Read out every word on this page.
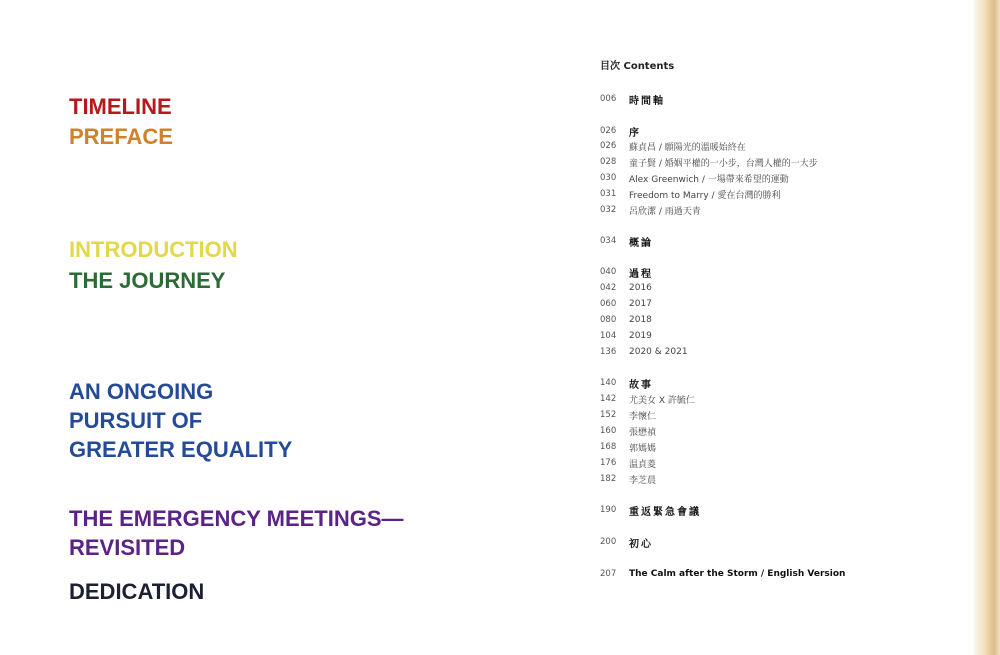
TIMELINE
PREFACE
INTRODUCTION
THE JOURNEY
AN ONGOING
PURSUIT OF
GREATER EQUALITY
THE EMERGENCY MEETINGS—
REVISITED
DEDICATION
目次 Contents
006	時間軸
026	序
026	蘇貞昌 / 願陽光的溫暖始終在
028	童子賢 / 婚姻平權的一小步，台灣人權的一大步
030	Alex Greenwich / 一場帶來希望的運動
031	Freedom to Marry / 愛在台灣的勝利
032	呂欣潔 / 雨過天青
034	概論
040	過程
042	2016
060	2017
080	2018
104	2019
136	2020 & 2021
140	故事
142	尤美女 X 許毓仁
152	李懷仁
160	張懋禎
168	郭媽媽
176	温貞菱
182	李芝晨
190	重返緊急會議
200	初心
207	The Calm after the Storm / English Version
